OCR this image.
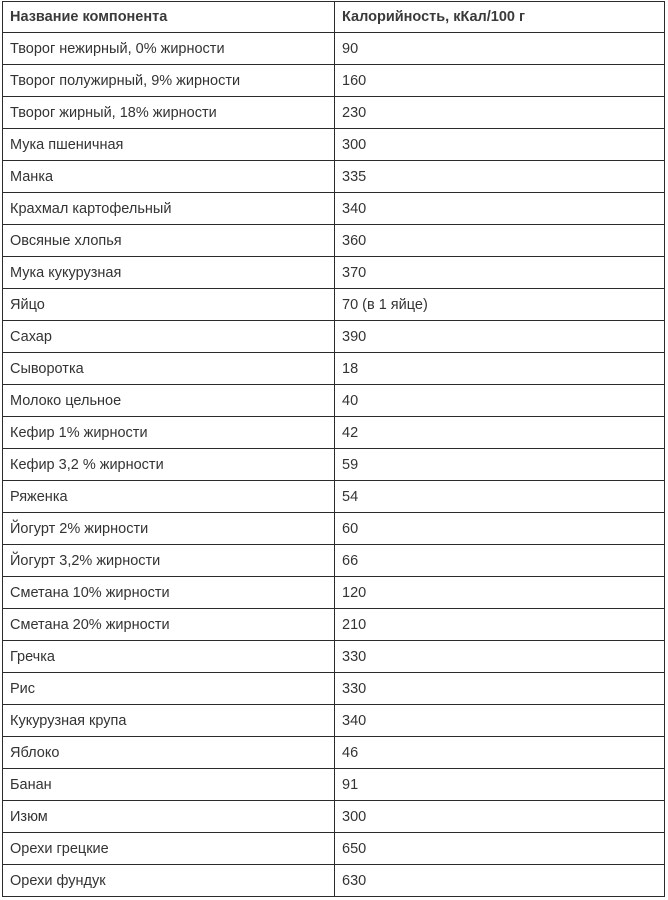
Название компонента	Калорийность, кКал/100 г
Творог нежирный, 0% жирности	90
Творог полужирный, 9% жирности	160
Творог жирный, 18% жирности	230
Мука пшеничная	300
Манка	335
Крахмал картофельный	340
Овсяные хлопья	360
Мука кукурузная	370
Яйцо	70 (в 1 яйце)
Сахар	390
Сыворотка	18
Молоко цельное	40
Кефир 1% жирности	42
Кефир 3,2 % жирности	59
Ряженка	54
Йогурт 2% жирности	60
Йогурт 3,2% жирности	66
Сметана 10% жирности	120
Сметана 20% жирности	210
Гречка	330
Рис	330
Кукурузная крупа	340
Яблоко	46
Банан	91
Изюм	300
Орехи грецкие	650
Орехи фундук	630
